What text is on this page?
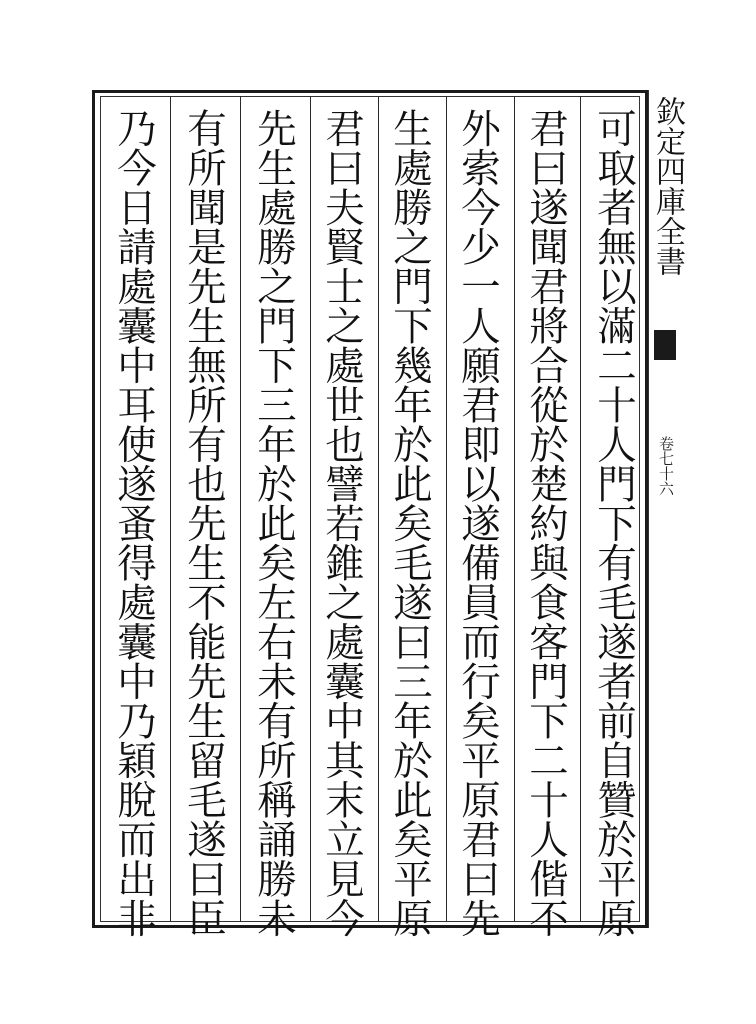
可取者無以滿二十人門下有毛遂者前自贊於平原
君曰遂聞君將合從於楚約與食客門下二十人偕不
外索今少一人願君即以遂備員而行矣平原君曰先
生處勝之門下幾年於此矣毛遂曰三年於此矣平原
君曰夫賢士之處世也譬若錐之處囊中其末立見今
先生處勝之門下三年於此矣左右未有所稱誦勝未
有所聞是先生無所有也先生不能先生留毛遂曰臣
乃今日請處囊中耳使遂蚤得處囊中乃穎脫而出非	欽定四庫全書
卷七十六
